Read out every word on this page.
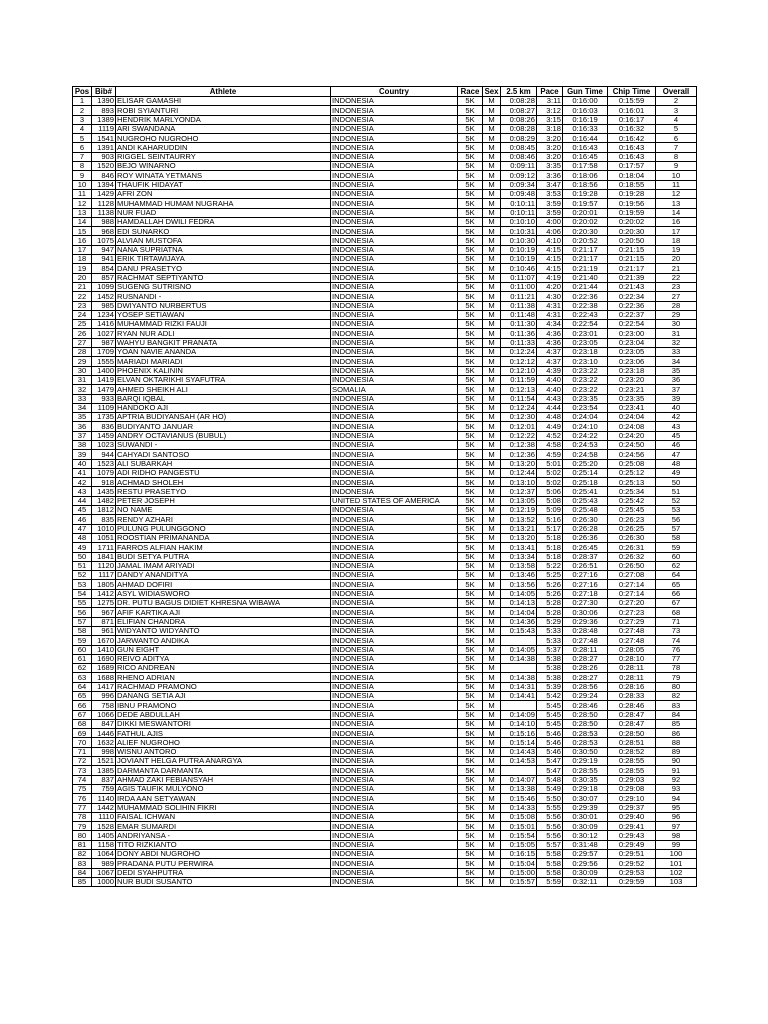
Pos	Bib#	Athlete	Country	Race	Sex	2.5 km	Pace	Gun Time	Chip Time	Overall
1	1390	ELISAR GAMASHI	INDONESIA	5K	M	0:08:28	3:11	0:16:00	0:15:59	2
2	893	ROBI SYIANTURI	INDONESIA	5K	M	0:08:27	3:12	0:16:03	0:16:01	3
3	1389	HENDRIK MARLYONDA	INDONESIA	5K	M	0:08:26	3:15	0:16:19	0:16:17	4
4	1119	ARI SWANDANA	INDONESIA	5K	M	0:08:28	3:18	0:16:33	0:16:32	5
5	1541	NUGROHO NUGROHO	INDONESIA	5K	M	0:08:29	3:20	0:16:44	0:16:42	6
6	1391	ANDI KAHARUDDIN	INDONESIA	5K	M	0:08:45	3:20	0:16:43	0:16:43	7
7	903	RIGGEL SEINTAURRY	INDONESIA	5K	M	0:08:46	3:20	0:16:45	0:16:43	8
8	1520	BEJO WINARNO	INDONESIA	5K	M	0:09:11	3:35	0:17:58	0:17:57	9
9	846	ROY WINATA YETMANS	INDONESIA	5K	M	0:09:12	3:36	0:18:06	0:18:04	10
10	1394	THAUFIK HIDAYAT	INDONESIA	5K	M	0:09:34	3:47	0:18:56	0:18:55	11
11	1429	AFRI ZON	INDONESIA	5K	M	0:09:48	3:53	0:19:28	0:19:28	12
12	1128	MUHAMMAD HUMAM NUGRAHA	INDONESIA	5K	M	0:10:11	3:59	0:19:57	0:19:56	13
13	1138	NUR FUAD	INDONESIA	5K	M	0:10:11	3:59	0:20:01	0:19:59	14
14	988	HAMDALLAH DWILI FEDRA	INDONESIA	5K	M	0:10:10	4:00	0:20:02	0:20:02	16
15	968	EDI SUNARKO	INDONESIA	5K	M	0:10:31	4:06	0:20:30	0:20:30	17
16	1075	ALVIAN MUSTOFA	INDONESIA	5K	M	0:10:30	4:10	0:20:52	0:20:50	18
17	947	NANA SUPRIATNA	INDONESIA	5K	M	0:10:19	4:15	0:21:17	0:21:15	19
18	941	ERIK TIRTAWIJAYA	INDONESIA	5K	M	0:10:19	4:15	0:21:17	0:21:15	20
19	854	DANU PRASETYO	INDONESIA	5K	M	0:10:46	4:15	0:21:19	0:21:17	21
20	857	RACHMAT SEPTIYANTO	INDONESIA	5K	M	0:11:07	4:19	0:21:40	0:21:39	22
21	1099	SUGENG SUTRISNO	INDONESIA	5K	M	0:11:00	4:20	0:21:44	0:21:43	23
22	1452	RUSNANDI -	INDONESIA	5K	M	0:11:21	4:30	0:22:36	0:22:34	27
23	985	DWIYANTO NURBERTUS	INDONESIA	5K	M	0:11:38	4:31	0:22:38	0:22:36	28
24	1234	YOSEP SETIAWAN	INDONESIA	5K	M	0:11:48	4:31	0:22:43	0:22:37	29
25	1416	MUHAMMAD RIZKI FAUJI	INDONESIA	5K	M	0:11:30	4:34	0:22:54	0:22:54	30
26	1027	RYAN NUR ADLI	INDONESIA	5K	M	0:11:36	4:36	0:23:01	0:23:00	31
27	987	WAHYU BANGKIT PRANATA	INDONESIA	5K	M	0:11:33	4:36	0:23:05	0:23:04	32
28	1709	YOAN NAVIE ANANDA	INDONESIA	5K	M	0:12:24	4:37	0:23:18	0:23:05	33
29	1555	MARIADI MARIADI	INDONESIA	5K	M	0:12:12	4:37	0:23:10	0:23:06	34
30	1400	PHOENIX KALININ	INDONESIA	5K	M	0:12:10	4:39	0:23:22	0:23:18	35
31	1419	ELVAN OKTARIKHI SYAFUTRA	INDONESIA	5K	M	0:11:59	4:40	0:23:22	0:23:20	36
32	1479	AHMED SHEIKH ALI	SOMALIA	5K	M	0:12:13	4:40	0:23:22	0:23:21	37
33	933	BARQI IQBAL	INDONESIA	5K	M	0:11:54	4:43	0:23:35	0:23:35	39
34	1109	HANDOKO AJI	INDONESIA	5K	M	0:12:24	4:44	0:23:54	0:23:41	40
35	1735	APTRIA BUDIYANSAH (AR HO)	INDONESIA	5K	M	0:12:30	4:48	0:24:04	0:24:04	42
36	836	BUDIYANTO JANUAR	INDONESIA	5K	M	0:12:01	4:49	0:24:10	0:24:08	43
37	1459	ANDRY OCTAVIANUS (BUBUL)	INDONESIA	5K	M	0:12:22	4:52	0:24:22	0:24:20	45
38	1023	SUWANDI -	INDONESIA	5K	M	0:12:38	4:58	0:24:53	0:24:50	46
39	944	CAHYADI SANTOSO	INDONESIA	5K	M	0:12:36	4:59	0:24:58	0:24:56	47
40	1523	ALI SUBARKAH	INDONESIA	5K	M	0:13:20	5:01	0:25:20	0:25:08	48
41	1079	ADI RIDHO PANGESTU	INDONESIA	5K	M	0:12:44	5:02	0:25:14	0:25:12	49
42	918	ACHMAD SHOLEH	INDONESIA	5K	M	0:13:10	5:02	0:25:18	0:25:13	50
43	1435	RESTU PRASETYO	INDONESIA	5K	M	0:12:37	5:06	0:25:41	0:25:34	51
44	1482	PETER JOSEPH	UNITED STATES OF AMERICA	5K	M	0:13:05	5:08	0:25:43	0:25:42	52
45	1812	NO NAME	INDONESIA	5K	M	0:12:19	5:09	0:25:48	0:25:45	53
46	835	RENDY AZHARI	INDONESIA	5K	M	0:13:52	5:16	0:26:30	0:26:23	56
47	1010	PULUNG PULUNGGONO	INDONESIA	5K	M	0:13:21	5:17	0:26:28	0:26:25	57
48	1051	ROOSTIAN PRIMANANDA	INDONESIA	5K	M	0:13:20	5:18	0:26:36	0:26:30	58
49	1711	FARROS ALFIAN HAKIM	INDONESIA	5K	M	0:13:41	5:18	0:26:45	0:26:31	59
50	1841	BUDI SETYA PUTRA	INDONESIA	5K	M	0:13:34	5:18	0:28:37	0:26:32	60
51	1120	JAMAL IMAM ARIYADI	INDONESIA	5K	M	0:13:58	5:22	0:26:51	0:26:50	62
52	1117	DANDY ANANDITYA	INDONESIA	5K	M	0:13:46	5:25	0:27:16	0:27:08	64
53	1805	AHMAD DOFIRI	INDONESIA	5K	M	0:13:56	5:26	0:27:16	0:27:14	65
54	1412	ASYL WIDIASWORO	INDONESIA	5K	M	0:14:05	5:26	0:27:18	0:27:14	66
55	1275	DR. PUTU BAGUS DIDIET KHRESNA WIBAWA	INDONESIA	5K	M	0:14:13	5:28	0:27:30	0:27:20	67
56	967	AFIF KARTIKA AJI	INDONESIA	5K	M	0:14:04	5:28	0:30:06	0:27:23	68
57	871	ELIFIAN CHANDRA	INDONESIA	5K	M	0:14:36	5:29	0:29:36	0:27:29	71
58	961	WIDYANTO WIDYANTO	INDONESIA	5K	M	0:15:43	5:33	0:28:48	0:27:48	73
59	1670	JARWANTO ANDIKA	INDONESIA	5K	M		5:33	0:27:48	0:27:48	74
60	1410	GUN EIGHT	INDONESIA	5K	M	0:14:05	5:37	0:28:11	0:28:05	76
61	1690	REIVO ADITYA	INDONESIA	5K	M	0:14:38	5:38	0:28:27	0:28:10	77
62	1689	RICO ANDREAN	INDONESIA	5K	M		5:38	0:28:26	0:28:11	78
63	1688	RHENO ADRIAN	INDONESIA	5K	M	0:14:38	5:38	0:28:27	0:28:11	79
64	1417	RACHMAD PRAMONO	INDONESIA	5K	M	0:14:31	5:39	0:28:56	0:28:16	80
65	996	DANANG SETIA AJI	INDONESIA	5K	M	0:14:41	5:42	0:29:24	0:28:33	82
66	758	IBNU PRAMONO	INDONESIA	5K	M		5:45	0:28:46	0:28:46	83
67	1066	DEDE ABDULLAH	INDONESIA	5K	M	0:14:09	5:45	0:28:50	0:28:47	84
68	847	DIKKI MESWANTORI	INDONESIA	5K	M	0:14:10	5:45	0:28:50	0:28:47	85
69	1446	FATHUL AJIS	INDONESIA	5K	M	0:15:16	5:46	0:28:53	0:28:50	86
70	1632	ALIEF NUGROHO	INDONESIA	5K	M	0:15:14	5:46	0:28:53	0:28:51	88
71	998	WISNU ANTORO	INDONESIA	5K	M	0:14:43	5:46	0:30:50	0:28:52	89
72	1521	JOVIANT HELGA PUTRA ANARGYA	INDONESIA	5K	M	0:14:53	5:47	0:29:19	0:28:55	90
73	1385	DARMANTA DARMANTA	INDONESIA	5K	M		5:47	0:28:55	0:28:55	91
74	837	AHMAD ZAKI FEBIANSYAH	INDONESIA	5K	M	0:14:07	5:48	0:30:35	0:29:03	92
75	759	AGIS TAUFIK MULYONO	INDONESIA	5K	M	0:13:38	5:49	0:29:18	0:29:08	93
76	1140	IRDA AAN SETYAWAN	INDONESIA	5K	M	0:15:46	5:50	0:30:07	0:29:10	94
77	1442	MUHAMMAD SOLIHIN FIKRI	INDONESIA	5K	M	0:14:33	5:55	0:29:39	0:29:37	95
78	1110	FAISAL ICHWAN	INDONESIA	5K	M	0:15:08	5:56	0:30:01	0:29:40	96
79	1528	EMAR SUMARDI	INDONESIA	5K	M	0:15:01	5:56	0:30:09	0:29:41	97
80	1405	ANDRIYANSA -	INDONESIA	5K	M	0:15:54	5:56	0:30:12	0:29:43	98
81	1158	TITO RIZKIANTO	INDONESIA	5K	M	0:15:05	5:57	0:31:48	0:29:49	99
82	1064	DONY ABDI NUGROHO	INDONESIA	5K	M	0:16:15	5:58	0:29:57	0:29:51	100
83	989	PRADANA PUTU PERWIRA	INDONESIA	5K	M	0:15:04	5:58	0:29:56	0:29:52	101
84	1067	DEDI SYAHPUTRA	INDONESIA	5K	M	0:15:00	5:58	0:30:09	0:29:53	102
85	1000	NUR BUDI SUSANTO	INDONESIA	5K	M	0:15:57	5:59	0:32:11	0:29:59	103
